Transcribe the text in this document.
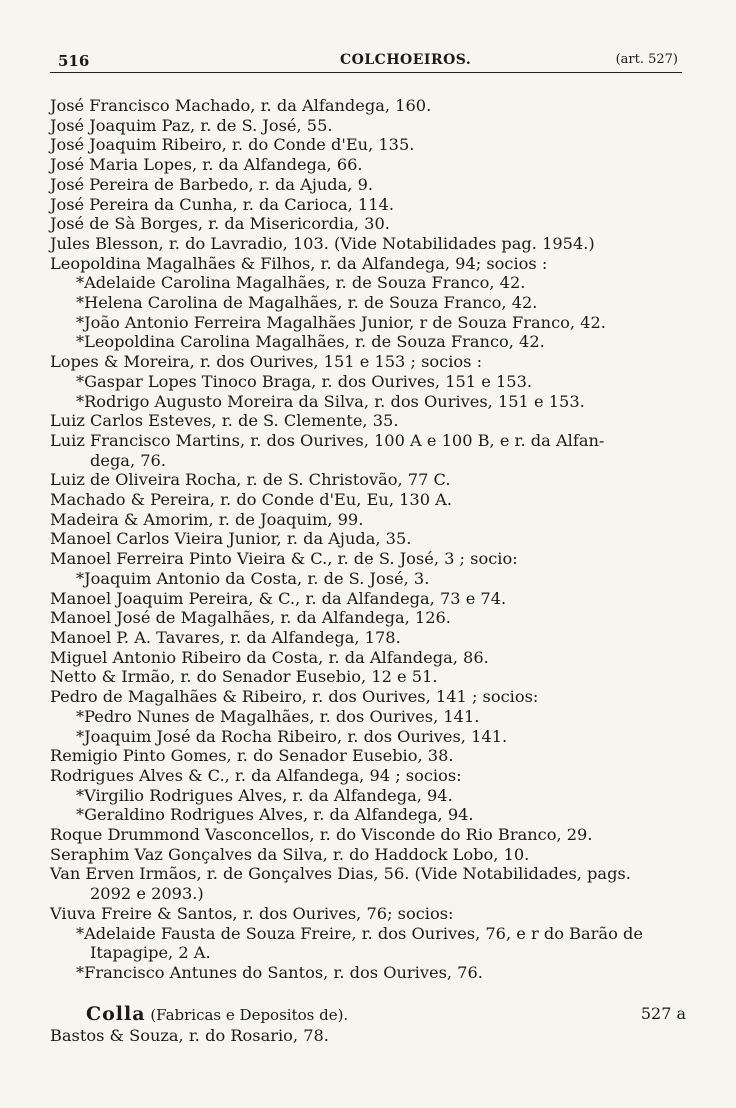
516	COLCHOEIROS.	(art. 527)
José Francisco Machado, r. da Alfandega, 160.
José Joaquim Paz, r. de S. José, 55.
José Joaquim Ribeiro, r. do Conde d'Eu, 135.
José Maria Lopes, r. da Alfandega, 66.
José Pereira de Barbedo, r. da Ajuda, 9.
José Pereira da Cunha, r. da Carioca, 114.
José de Sà Borges, r. da Misericordia, 30.
Jules Blesson, r. do Lavradio, 103. (Vide Notabilidades pag. 1954.)
Leopoldina Magalhães & Filhos, r. da Alfandega, 94; socios :
*Adelaide Carolina Magalhães, r. de Souza Franco, 42.
*Helena Carolina de Magalhães, r. de Souza Franco, 42.
*João Antonio Ferreira Magalhães Junior, r de Souza Franco, 42.
*Leopoldina Carolina Magalhães, r. de Souza Franco, 42.
Lopes & Moreira, r. dos Ourives, 151 e 153 ; socios :
*Gaspar Lopes Tinoco Braga, r. dos Ourives, 151 e 153.
*Rodrigo Augusto Moreira da Silva, r. dos Ourives, 151 e 153.
Luiz Carlos Esteves, r. de S. Clemente, 35.
Luiz Francisco Martins, r. dos Ourives, 100 A e 100 B, e r. da Alfan-
dega, 76.
Luiz de Oliveira Rocha, r. de S. Christovão, 77 C.
Machado & Pereira, r. do Conde d'Eu, Eu, 130 A.
Madeira & Amorim, r. de Joaquim, 99.
Manoel Carlos Vieira Junior, r. da Ajuda, 35.
Manoel Ferreira Pinto Vieira & C., r. de S. José, 3 ; socio:
*Joaquim Antonio da Costa, r. de S. José, 3.
Manoel Joaquim Pereira, & C., r. da Alfandega, 73 e 74.
Manoel José de Magalhães, r. da Alfandega, 126.
Manoel P. A. Tavares, r. da Alfandega, 178.
Miguel Antonio Ribeiro da Costa, r. da Alfandega, 86.
Netto & Irmão, r. do Senador Eusebio, 12 e 51.
Pedro de Magalhães & Ribeiro, r. dos Ourives, 141 ; socios:
*Pedro Nunes de Magalhães, r. dos Ourives, 141.
*Joaquim José da Rocha Ribeiro, r. dos Ourives, 141.
Remigio Pinto Gomes, r. do Senador Eusebio, 38.
Rodrigues Alves & C., r. da Alfandega, 94 ; socios:
*Virgilio Rodrigues Alves, r. da Alfandega, 94.
*Geraldino Rodrigues Alves, r. da Alfandega, 94.
Roque Drummond Vasconcellos, r. do Visconde do Rio Branco, 29.
Seraphim Vaz Gonçalves da Silva, r. do Haddock Lobo, 10.
Van Erven Irmãos, r. de Gonçalves Dias, 56. (Vide Notabilidades, pags.
2092 e 2093.)
Viuva Freire & Santos, r. dos Ourives, 76; socios:
*Adelaide Fausta de Souza Freire, r. dos Ourives, 76, e r do Barão de
Itapagipe, 2 A.
*Francisco Antunes do Santos, r. dos Ourives, 76.
Colla (Fabricas e Depositos de).	527 a
Bastos & Souza, r. do Rosario, 78.
